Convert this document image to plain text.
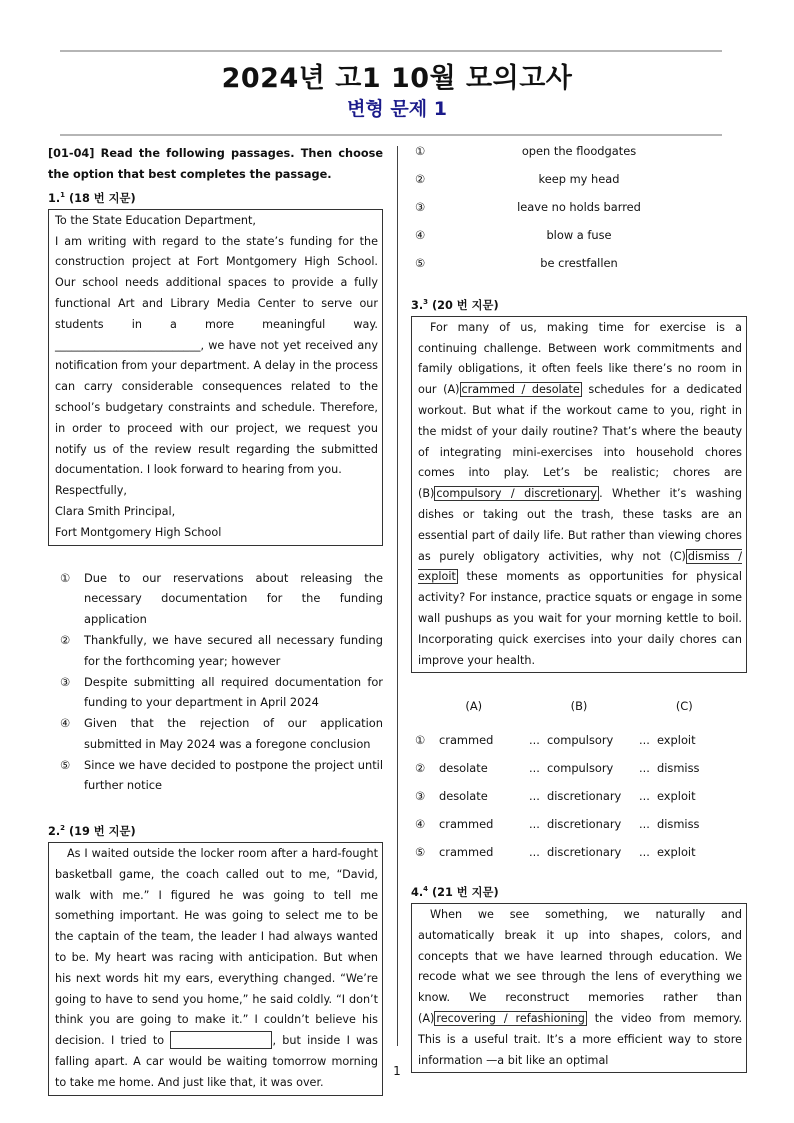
2024년 고1 10월 모의고사
변형 문제 1
[01-04] Read the following passages. Then choose the option that best completes the passage.
1.$^1$ (18 번 지문)
To the State Education Department,
I am writing with regard to the state’s funding for the construction project at Fort Montgomery High School. Our school needs additional spaces to provide a fully functional Art and Library Media Center to serve our students in a more meaningful way. __________________________, we have not yet received any notification from your department. A delay in the process can carry considerable consequences related to the school’s budgetary constraints and schedule. Therefore, in order to proceed with our project, we request you notify us of the review result regarding the submitted documentation. I look forward to hearing from you.
Respectfully,
Clara Smith Principal,
Fort Montgomery High School
①	Due to our reservations about releasing the necessary documentation for the funding application
②	Thankfully, we have secured all necessary funding for the forthcoming year; however
③	Despite submitting all required documentation for funding to your department in April 2024
④	Given that the rejection of our application submitted in May 2024 was a foregone conclusion
⑤	Since we have decided to postpone the project until further notice
2.$^2$ (19 번 지문)
As I waited outside the locker room after a hard-fought basketball game, the coach called out to me, “David, walk with me.” I figured he was going to tell me something important. He was going to select me to be the captain of the team, the leader I had always wanted to be. My heart was racing with anticipation. But when his next words hit my ears, everything changed. “We’re going to have to send you home,” he said coldly. “I don’t think you are going to make it.” I couldn’t believe his decision. I tried to	, but inside I was falling apart. A car would be waiting tomorrow morning to take me home. And just like that, it was over.
①	open the floodgates
②	keep my head
③	leave no holds barred
④	blow a fuse
⑤	be crestfallen
3.$^3$ (20 번 지문)
For many of us, making time for exercise is a continuing challenge. Between work commitments and family obligations, it often feels like there’s no room in our (A) crammed / desolate schedules for a dedicated workout. But what if the workout came to you, right in the midst of your daily routine? That’s where the beauty of integrating mini-exercises into household chores comes into play. Let’s be realistic; chores are (B) compulsory / discretionary . Whether it’s washing dishes or taking out the trash, these tasks are an essential part of daily life. But rather than viewing chores as purely obligatory activities, why not (C) dismiss / exploit these moments as opportunities for physical activity? For instance, practice squats or engage in some wall pushups as you wait for your morning kettle to boil. Incorporating quick exercises into your daily chores can improve your health.
(A)	(B)	(C)
①	crammed	... compulsory	... exploit
②	desolate	... compulsory	... dismiss
③	desolate	... discretionary	... exploit
④	crammed	... discretionary	... dismiss
⑤	crammed	... discretionary	... exploit
4.$^4$ (21 번 지문)
When we see something, we naturally and automatically break it up into shapes, colors, and concepts that we have learned through education. We recode what we see through the lens of everything we know. We reconstruct memories rather than (A) recovering / refashioning the video from memory. This is a useful trait. It’s a more efficient way to store information —a bit like an optimal
1
